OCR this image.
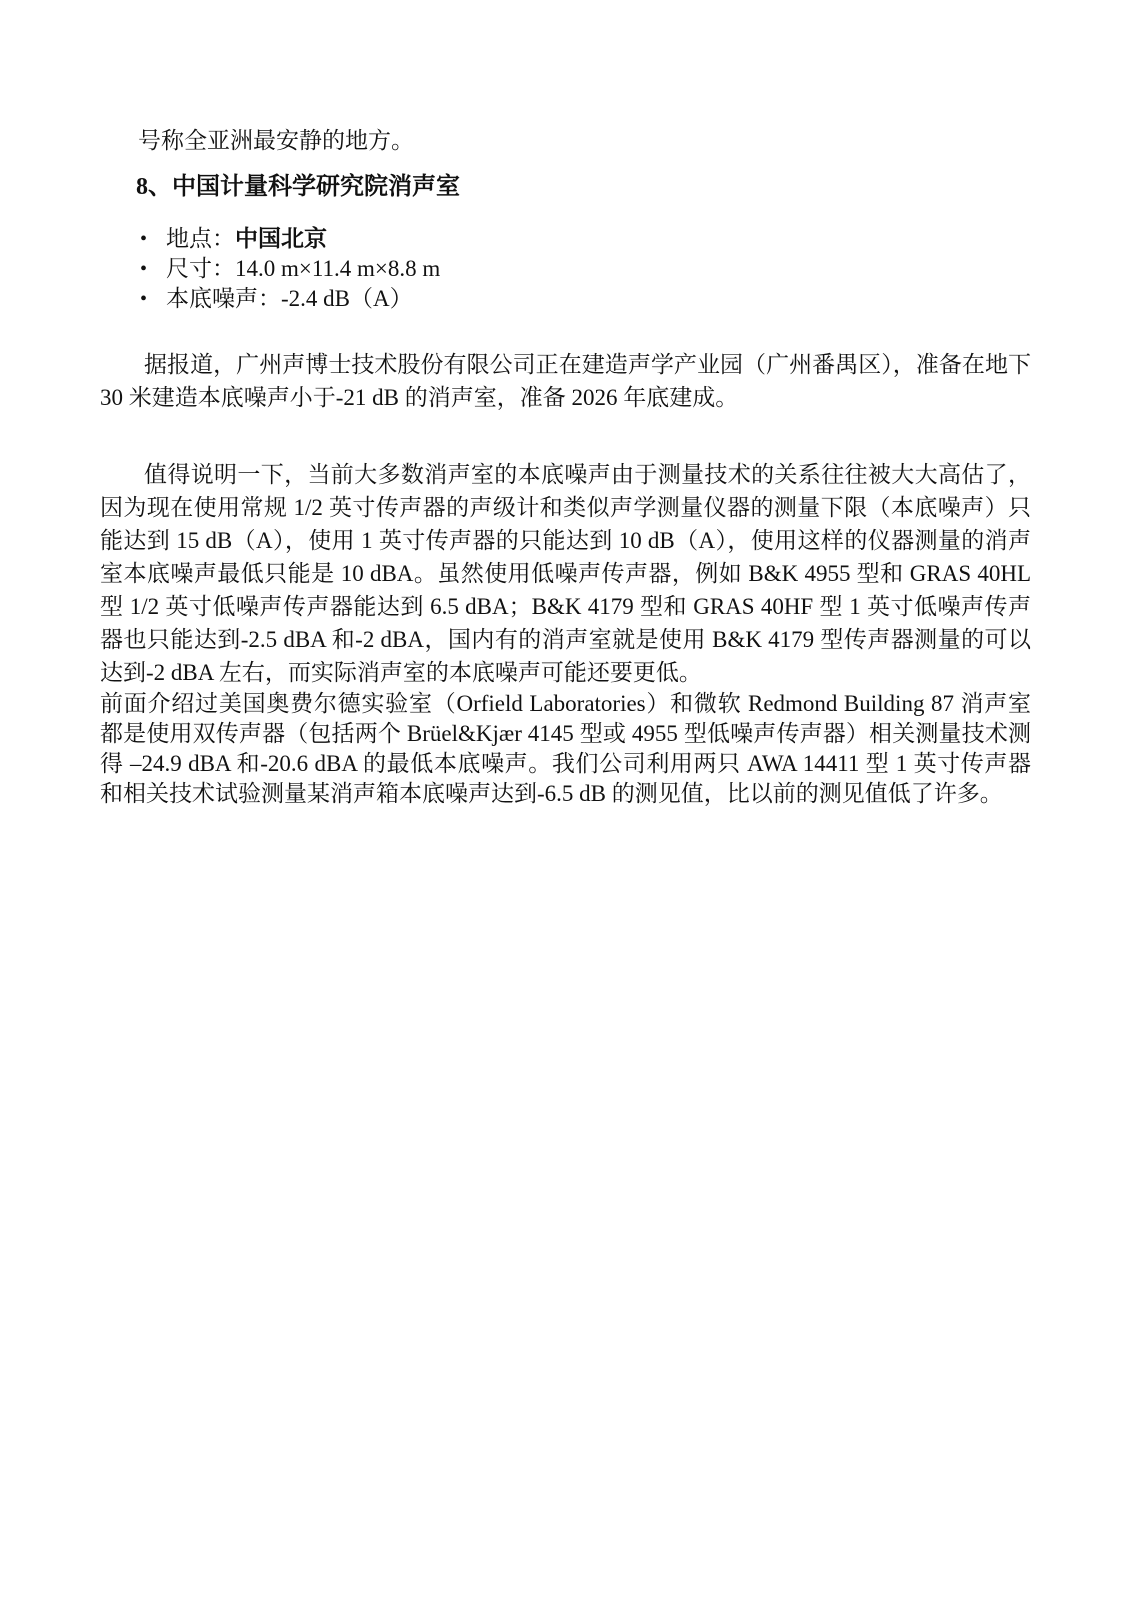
号称全亚洲最安静的地方。

8、中国计量科学研究院消声室
• 地点：中国北京
• 尺寸：14.0 m×11.4 m×8.8 m
• 本底噪声：-2.4 dB（A）

据报道，广州声博士技术股份有限公司正在建造声学产业园（广州番禺区），准备在地下 30 米建造本底噪声小于-21 dB 的消声室，准备 2026 年底建成。

值得说明一下，当前大多数消声室的本底噪声由于测量技术的关系往往被大大高估了，因为现在使用常规 1/2 英寸传声器的声级计和类似声学测量仪器的测量下限（本底噪声）只能达到 15 dB（A），使用 1 英寸传声器的只能达到 10 dB（A），使用这样的仪器测量的消声室本底噪声最低只能是 10 dBA。虽然使用低噪声传声器，例如 B&K 4955 型和 GRAS 40HL 型 1/2 英寸低噪声传声器能达到 6.5 dBA；B&K 4179 型和 GRAS 40HF 型 1 英寸低噪声传声器也只能达到-2.5 dBA 和-2 dBA，国内有的消声室就是使用 B&K 4179 型传声器测量的可以达到-2 dBA 左右，而实际消声室的本底噪声可能还要更低。

前面介绍过美国奥费尔德实验室（Orfield Laboratories）和微软 Redmond Building 87 消声室都是使用双传声器（包括两个 Brüel&Kjær 4145 型或 4955 型低噪声传声器）相关测量技术测得 –24.9 dBA 和-20.6 dBA 的最低本底噪声。我们公司利用两只 AWA 14411 型 1 英寸传声器和相关技术试验测量某消声箱本底噪声达到-6.5 dB 的测见值，比以前的测见值低了许多。
